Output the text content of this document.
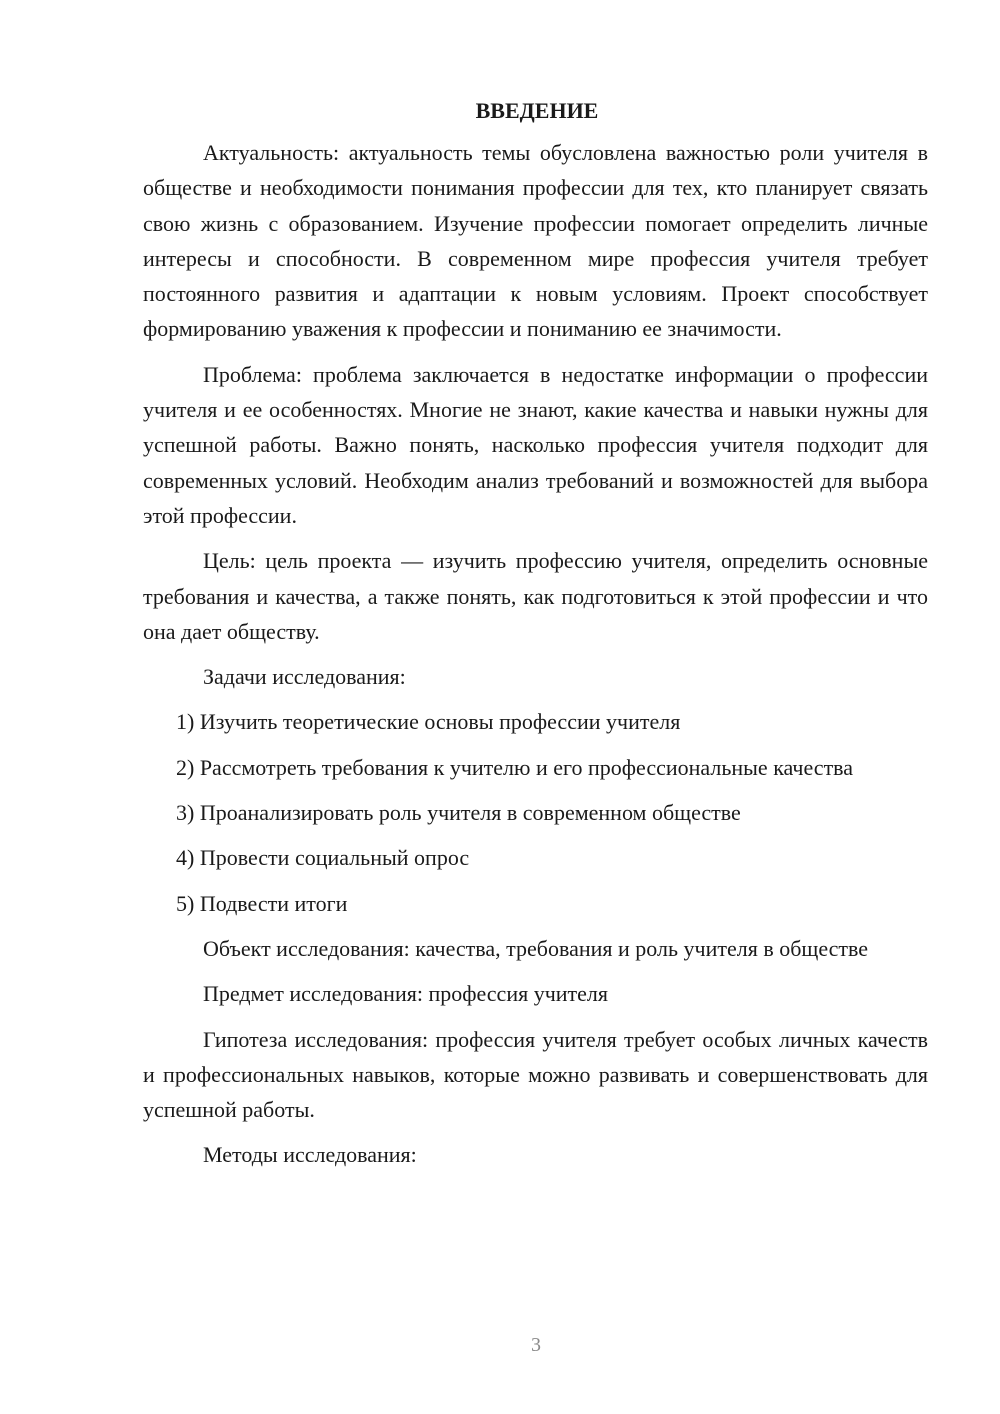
ВВЕДЕНИЕ

Актуальность: актуальность темы обусловлена важностью роли учителя в обществе и необходимости понимания профессии для тех, кто планирует связать свою жизнь с образованием. Изучение профессии помогает определить личные интересы и способности. В современном мире профессия учителя требует постоянного развития и адаптации к новым условиям. Проект способствует формированию уважения к профессии и пониманию ее значимости.

Проблема: проблема заключается в недостатке информации о профессии учителя и ее особенностях. Многие не знают, какие качества и навыки нужны для успешной работы. Важно понять, насколько профессия учителя подходит для современных условий. Необходим анализ требований и возможностей для выбора этой профессии.

Цель: цель проекта — изучить профессию учителя, определить основные требования и качества, а также понять, как подготовиться к этой профессии и что она дает обществу.

Задачи исследования:

1) Изучить теоретические основы профессии учителя

2) Рассмотреть требования к учителю и его профессиональные качества

3) Проанализировать роль учителя в современном обществе

4) Провести социальный опрос

5) Подвести итоги

Объект исследования: качества, требования и роль учителя в обществе

Предмет исследования: профессия учителя

Гипотеза исследования: профессия учителя требует особых личных качеств и профессиональных навыков, которые можно развивать и совершенствовать для успешной работы.

Методы исследования:

3
